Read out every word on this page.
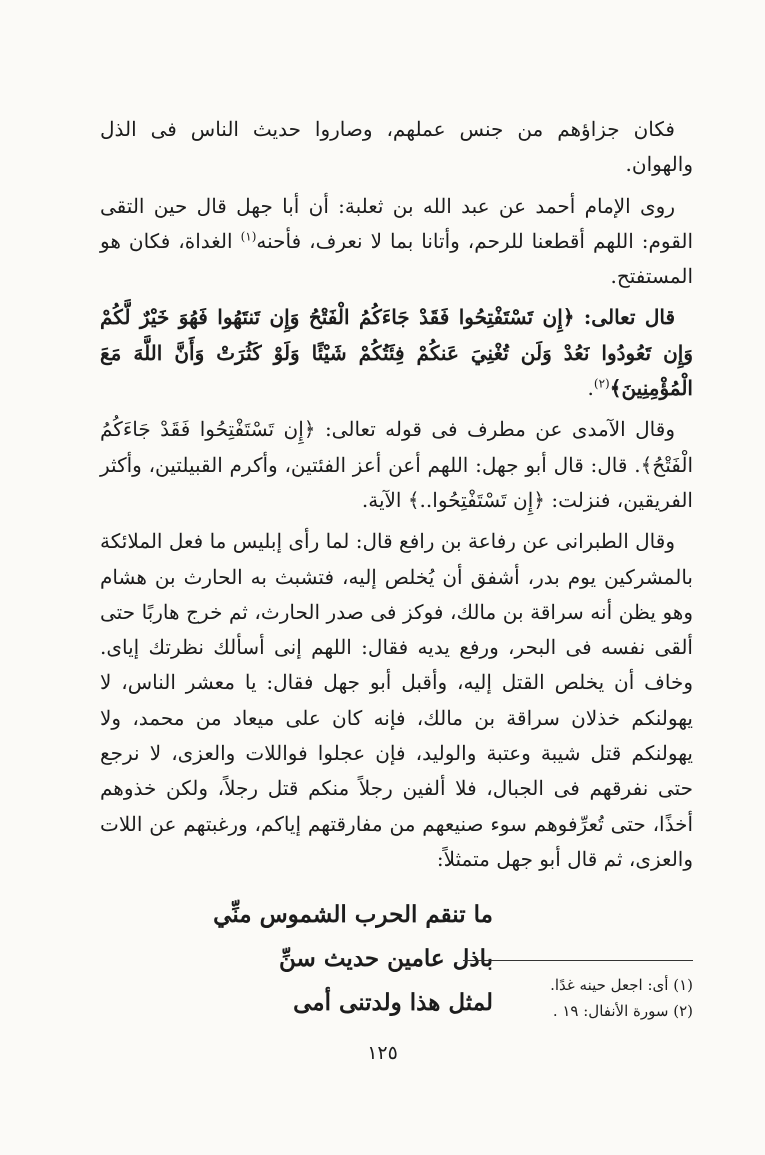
فكان جزاؤهم من جنس عملهم، وصاروا حديث الناس فى الذل والهوان.

روى الإمام أحمد عن عبد الله بن ثعلبة: أن أبا جهل قال حين التقى القوم: اللهم أقطعنا للرحم، وأتانا بما لا نعرف، فأحنه$^{(١)}$ الغداة، فكان هو المستفتح.

قال تعالى: ﴿إِن تَسْتَفْتِحُوا فَقَدْ جَاءَكُمُ الْفَتْحُ وَإِن تَنتَهُوا فَهُوَ خَيْرٌ لَّكُمْ وَإِن تَعُودُوا نَعُدْ وَلَن تُغْنِيَ عَنكُمْ فِئَتُكُمْ شَيْئًا وَلَوْ كَثُرَتْ وَأَنَّ اللَّهَ مَعَ الْمُؤْمِنِينَ﴾$^{(٢)}$.

وقال الآمدى عن مطرف فى قوله تعالى: ﴿إِن تَسْتَفْتِحُوا فَقَدْ جَاءَكُمُ الْفَتْحُ﴾. قال: قال أبو جهل: اللهم أعن أعز الفئتين، وأكرم القبيلتين، وأكثر الفريقين، فنزلت: ﴿إِن تَسْتَفْتِحُوا..﴾ الآية.

وقال الطبرانى عن رفاعة بن رافع قال: لما رأى إبليس ما فعل الملائكة بالمشركين يوم بدر، أشفق أن يُخلص إليه، فتشبث به الحارث بن هشام وهو يظن أنه سراقة بن مالك، فوكز فى صدر الحارث، ثم خرج هاربًا حتى ألقى نفسه فى البحر، ورفع يديه فقال: اللهم إنى أسألك نظرتك إياى. وخاف أن يخلص القتل إليه، وأقبل أبو جهل فقال: يا معشر الناس، لا يهولنكم خذلان سراقة بن مالك، فإنه كان على ميعاد من محمد، ولا يهولنكم قتل شيبة وعتبة والوليد، فإن عجلوا فواللات والعزى، لا نرجع حتى نفرقهم فى الجبال، فلا ألفين رجلاً منكم قتل رجلاً، ولكن خذوهم أخذًا، حتى تُعرِّفوهم سوء صنيعهم من مفارقتهم إياكم، ورغبتهم عن اللات والعزى، ثم قال أبو جهل متمثلاً:

ما تنقم الحرب الشموس منِّي

باذل عامين حديث سنِّ

لمثل هذا ولدتنى أمى

(١) أى: اجعل حينه غدًا.

(٢) سورة الأنفال: ١٩ .

١٢٥
